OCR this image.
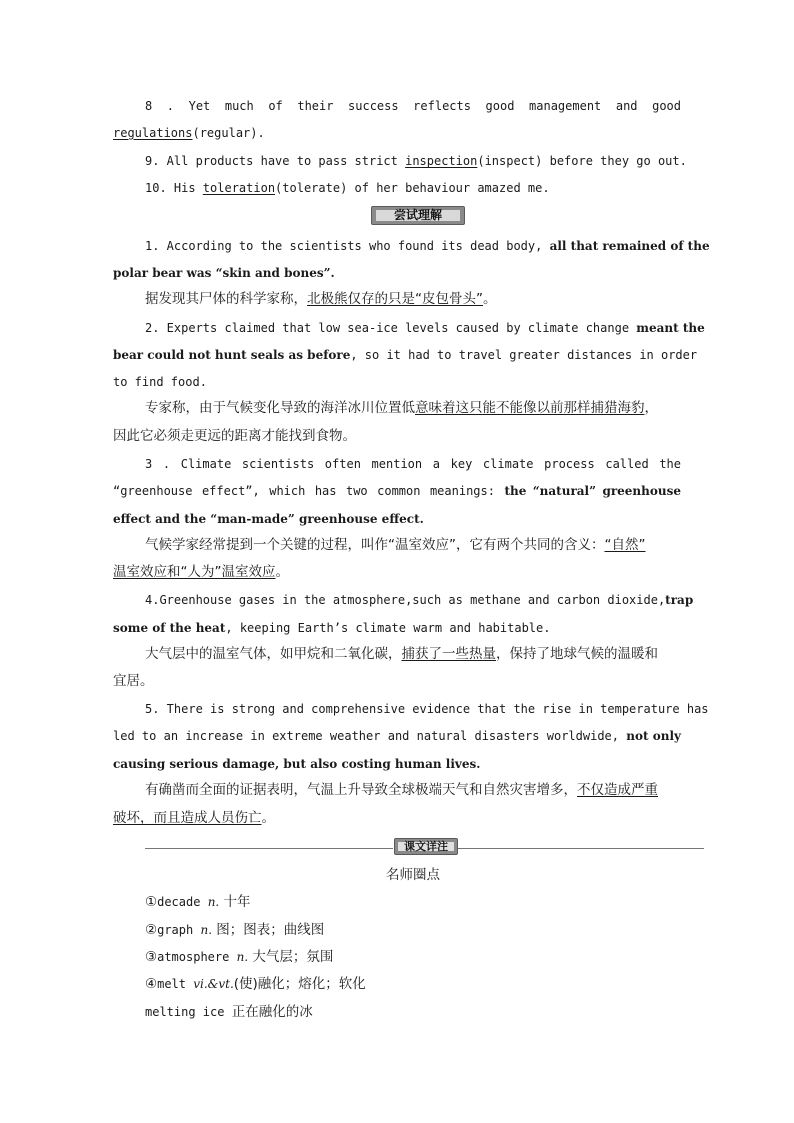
8 . Yet much of their success reflects good management and good
regulations(regular).
9. All products have to pass strict inspection(inspect) before they go out.
10. His toleration(tolerate) of her behaviour amazed me.
尝试理解
1. According to the scientists who found its dead body, all that remained of the
polar bear was “skin and bones”.
据发现其尸体的科学家称，北极熊仅存的只是“皮包骨头”。
2. Experts claimed that low sea-ice levels caused by climate change meant the
bear could not hunt seals as before, so it had to travel greater distances in order
to find food.
专家称，由于气候变化导致的海洋冰川位置低意味着这只能不能像以前那样捕猎海豹，
因此它必须走更远的距离才能找到食物。
3 . Climate scientists often mention a key climate process called the
“greenhouse effect”, which has two common meanings: the “natural” greenhouse
effect and the “man-made” greenhouse effect.
气候学家经常提到一个关键的过程，叫作“温室效应”，它有两个共同的含义：“自然”
温室效应和“人为”温室效应。
4.Greenhouse gases in the atmosphere,such as methane and carbon dioxide,trap
some of the heat, keeping Earth’s climate warm and habitable.
大气层中的温室气体，如甲烷和二氧化碳，捕获了一些热量，保持了地球气候的温暖和
宜居。
5. There is strong and comprehensive evidence that the rise in temperature has
led to an increase in extreme weather and natural disasters worldwide, not only
causing serious damage, but also costing human lives.
有确凿而全面的证据表明，气温上升导致全球极端天气和自然灾害增多，不仅造成严重
破坏，而且造成人员伤亡。
课文详注
名师圈点
①decade n. 十年
②graph n. 图；图表；曲线图
③atmosphere n. 大气层；氛围
④melt vi.&vt.(使)融化；熔化；软化
melting ice 正在融化的冰
